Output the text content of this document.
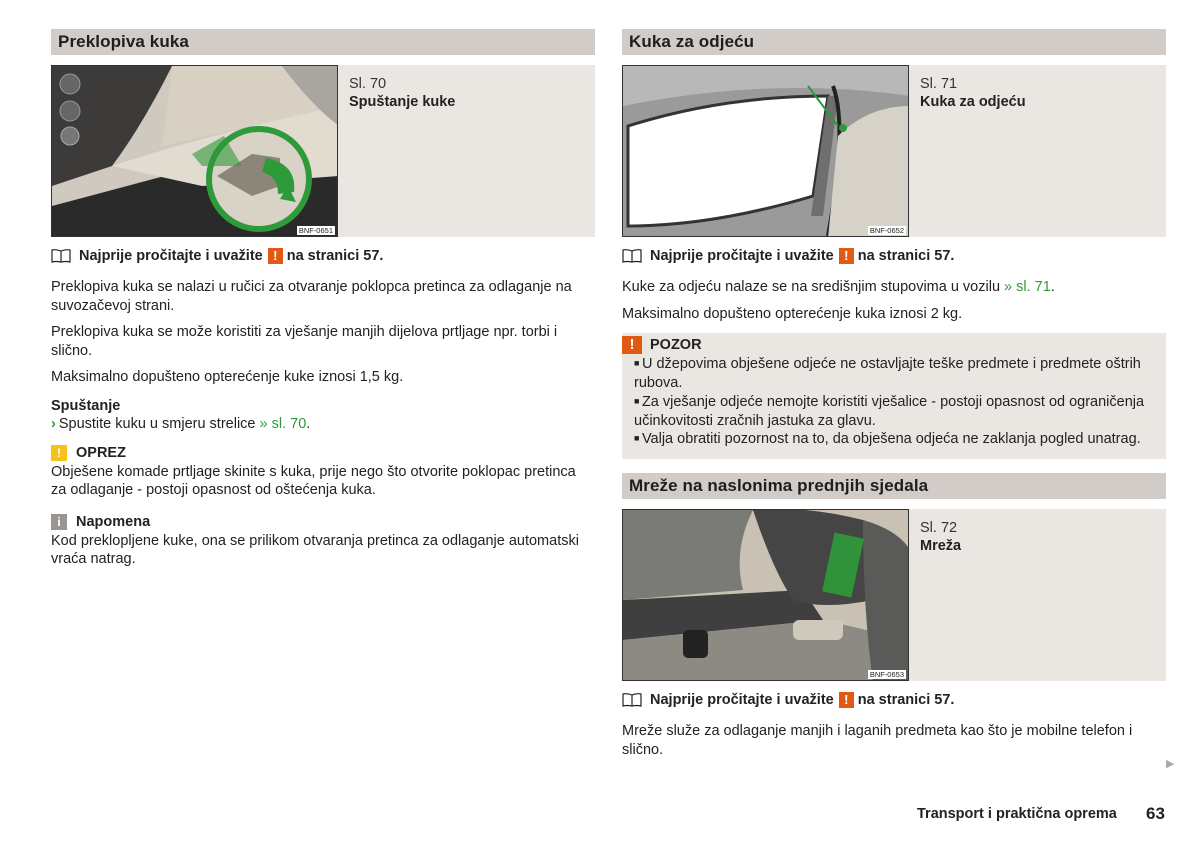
Preklopiva kuka
BNF-0651
Sl. 70
Spuštanje kuke
Najprije pročitajte i uvažite ! na stranici 57.

Preklopiva kuka se nalazi u ručici za otvaranje poklopca pretinca za odlaganje na suvozačevoj strani.

Preklopiva kuka se može koristiti za vješanje manjih dijelova prtljage npr. torbi i slično.

Maksimalno dopušteno opterećenje kuke iznosi 1,5 kg.

Spuštanje
› Spustite kuku u smjeru strelice » sl. 70.
!	OPREZ
Obješene komade prtljage skinite s kuka, prije nego što otvorite poklopac pretinca za odlaganje - postoji opasnost od oštećenja kuka.
i	Napomena
Kod preklopljene kuke, ona se prilikom otvaranja pretinca za odlaganje automatski vraća natrag.
Kuka za odjeću
BNF-0652
Sl. 71
Kuka za odjeću
Najprije pročitajte i uvažite ! na stranici 57.

Kuke za odjeću nalaze se na središnjim stupovima u vozilu » sl. 71.

Maksimalno dopušteno opterećenje kuka iznosi 2 kg.

!	POZOR
■ U džepovima obješene odjeće ne ostavljajte teške predmete i predmete oštrih rubova.
■ Za vješanje odjeće nemojte koristiti vješalice - postoji opasnost od ograničenja učinkovitosti zračnih jastuka za glavu.
■ Valja obratiti pozornost na to, da obješena odjeća ne zaklanja pogled unatrag.
Mreže na naslonima prednjih sjedala
BNF-0653
Sl. 72
Mreža
Najprije pročitajte i uvažite ! na stranici 57.

Mreže služe za odlaganje manjih i laganih predmeta kao što je mobilne telefon i slično.

▶
Transport i praktična oprema 63
